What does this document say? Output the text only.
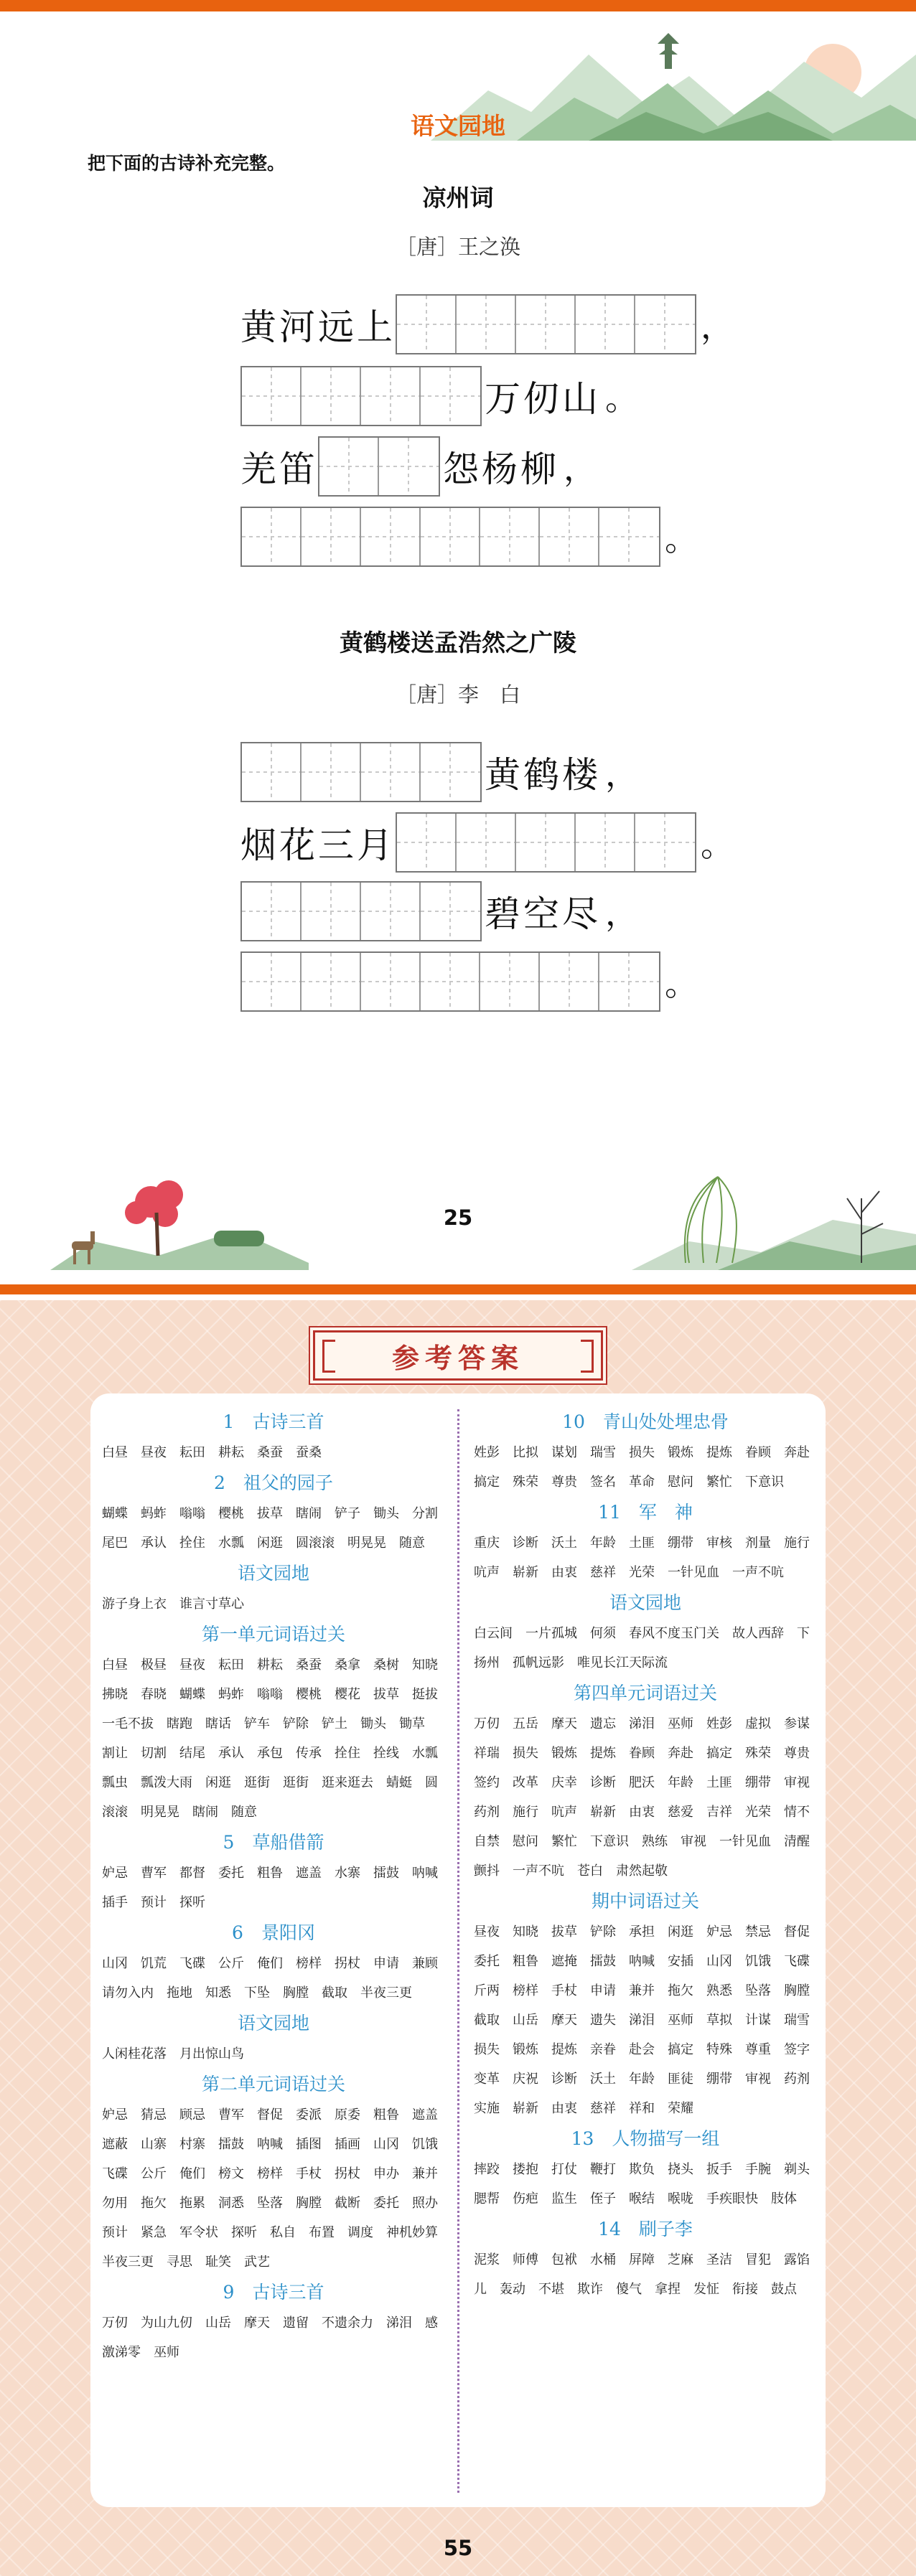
语文园地
把下面的古诗补充完整。
凉州词
［唐］王之涣
黄河远上	，
万仞山 。
羌笛	怨杨柳 ，
。
黄鹤楼送孟浩然之广陵
［唐］李　白
黄鹤楼 ，
烟花三月	。
碧空尽 ，
。
25
参考答案
1　古诗三首
白昼　昼夜　耘田　耕耘　桑蚕　蚕桑
2　祖父的园子
蝴蝶　蚂蚱　嗡嗡　樱桃　拔草　瞎闹　铲子　锄头　分割　尾巴　承认　拴住　水瓢　闲逛　圆滚滚　明晃晃　随意
语文园地
游子身上衣　谁言寸草心
第一单元词语过关
白昼　极昼　昼夜　耘田　耕耘　桑蚕　桑拿　桑树　知晓　拂晓　春晓　蝴蝶　蚂蚱　嗡嗡　樱桃　樱花　拔草　挺拔　一毛不拔　瞎跑　瞎话　铲车　铲除　铲土　锄头　锄草　割让　切割　结尾　承认　承包　传承　拴住　拴线　水瓢　瓢虫　瓢泼大雨　闲逛　逛街　逛街　逛来逛去　蜻蜓　圆滚滚　明晃晃　瞎闹　随意
5　草船借箭
妒忌　曹军　都督　委托　粗鲁　遮盖　水寨　擂鼓　呐喊　插手　预计　探听
6　景阳冈
山冈　饥荒　飞碟　公斤　俺们　榜样　拐杖　申请　兼顾　请勿入内　拖地　知悉　下坠　胸膛　截取　半夜三更
语文园地
人闲桂花落　月出惊山鸟
第二单元词语过关
妒忌　猜忌　顾忌　曹军　督促　委派　原委　粗鲁　遮盖　遮蔽　山寨　村寨　擂鼓　呐喊　插图　插画　山冈　饥饿　飞碟　公斤　俺们　榜文　榜样　手杖　拐杖　申办　兼并　勿用　拖欠　拖累　洞悉　坠落　胸膛　截断　委托　照办　预计　紧急　军令状　探听　私自　布置　调度　神机妙算　半夜三更　寻思　耻笑　武艺
9　古诗三首
万仞　为山九仞　山岳　摩天　遗留　不遗余力　涕泪　感激涕零　巫师
10　青山处处埋忠骨
姓彭　比拟　谋划　瑞雪　损失　锻炼　提炼　眷顾　奔赴　搞定　殊荣　尊贵　签名　革命　慰问　繁忙　下意识
11　军　神
重庆　诊断　沃土　年龄　土匪　绷带　审核　剂量　施行　吭声　崭新　由衷　慈祥　光荣　一针见血　一声不吭
语文园地
白云间　一片孤城　何须　春风不度玉门关　故人西辞　下扬州　孤帆远影　唯见长江天际流
第四单元词语过关
万仞　五岳　摩天　遗忘　涕泪　巫师　姓彭　虚拟　参谋　祥瑞　损失　锻炼　提炼　眷顾　奔赴　搞定　殊荣　尊贵　签约　改革　庆幸　诊断　肥沃　年龄　土匪　绷带　审视　药剂　施行　吭声　崭新　由衷　慈爱　吉祥　光荣　情不自禁　慰问　繁忙　下意识　熟练　审视　一针见血　清醒　颤抖　一声不吭　苍白　肃然起敬
期中词语过关
昼夜　知晓　拔草　铲除　承担　闲逛　妒忌　禁忌　督促　委托　粗鲁　遮掩　擂鼓　呐喊　安插　山冈　饥饿　飞碟　斤两　榜样　手杖　申请　兼并　拖欠　熟悉　坠落　胸膛　截取　山岳　摩天　遗失　涕泪　巫师　草拟　计谋　瑞雪　损失　锻炼　提炼　亲眷　赴会　搞定　特殊　尊重　签字　变革　庆祝　诊断　沃土　年龄　匪徒　绷带　审视　药剂　实施　崭新　由衷　慈祥　祥和　荣耀
13　人物描写一组
摔跤　搂抱　打仗　鞭打　欺负　挠头　扳手　手腕　剃头　腮帮　伤疤　监生　侄子　喉结　喉咙　手疾眼快　肢体
14　刷子李
泥浆　师傅　包袱　水桶　屏障　芝麻　圣洁　冒犯　露馅儿　轰动　不堪　欺诈　傻气　拿捏　发怔　衔接　鼓点
55
